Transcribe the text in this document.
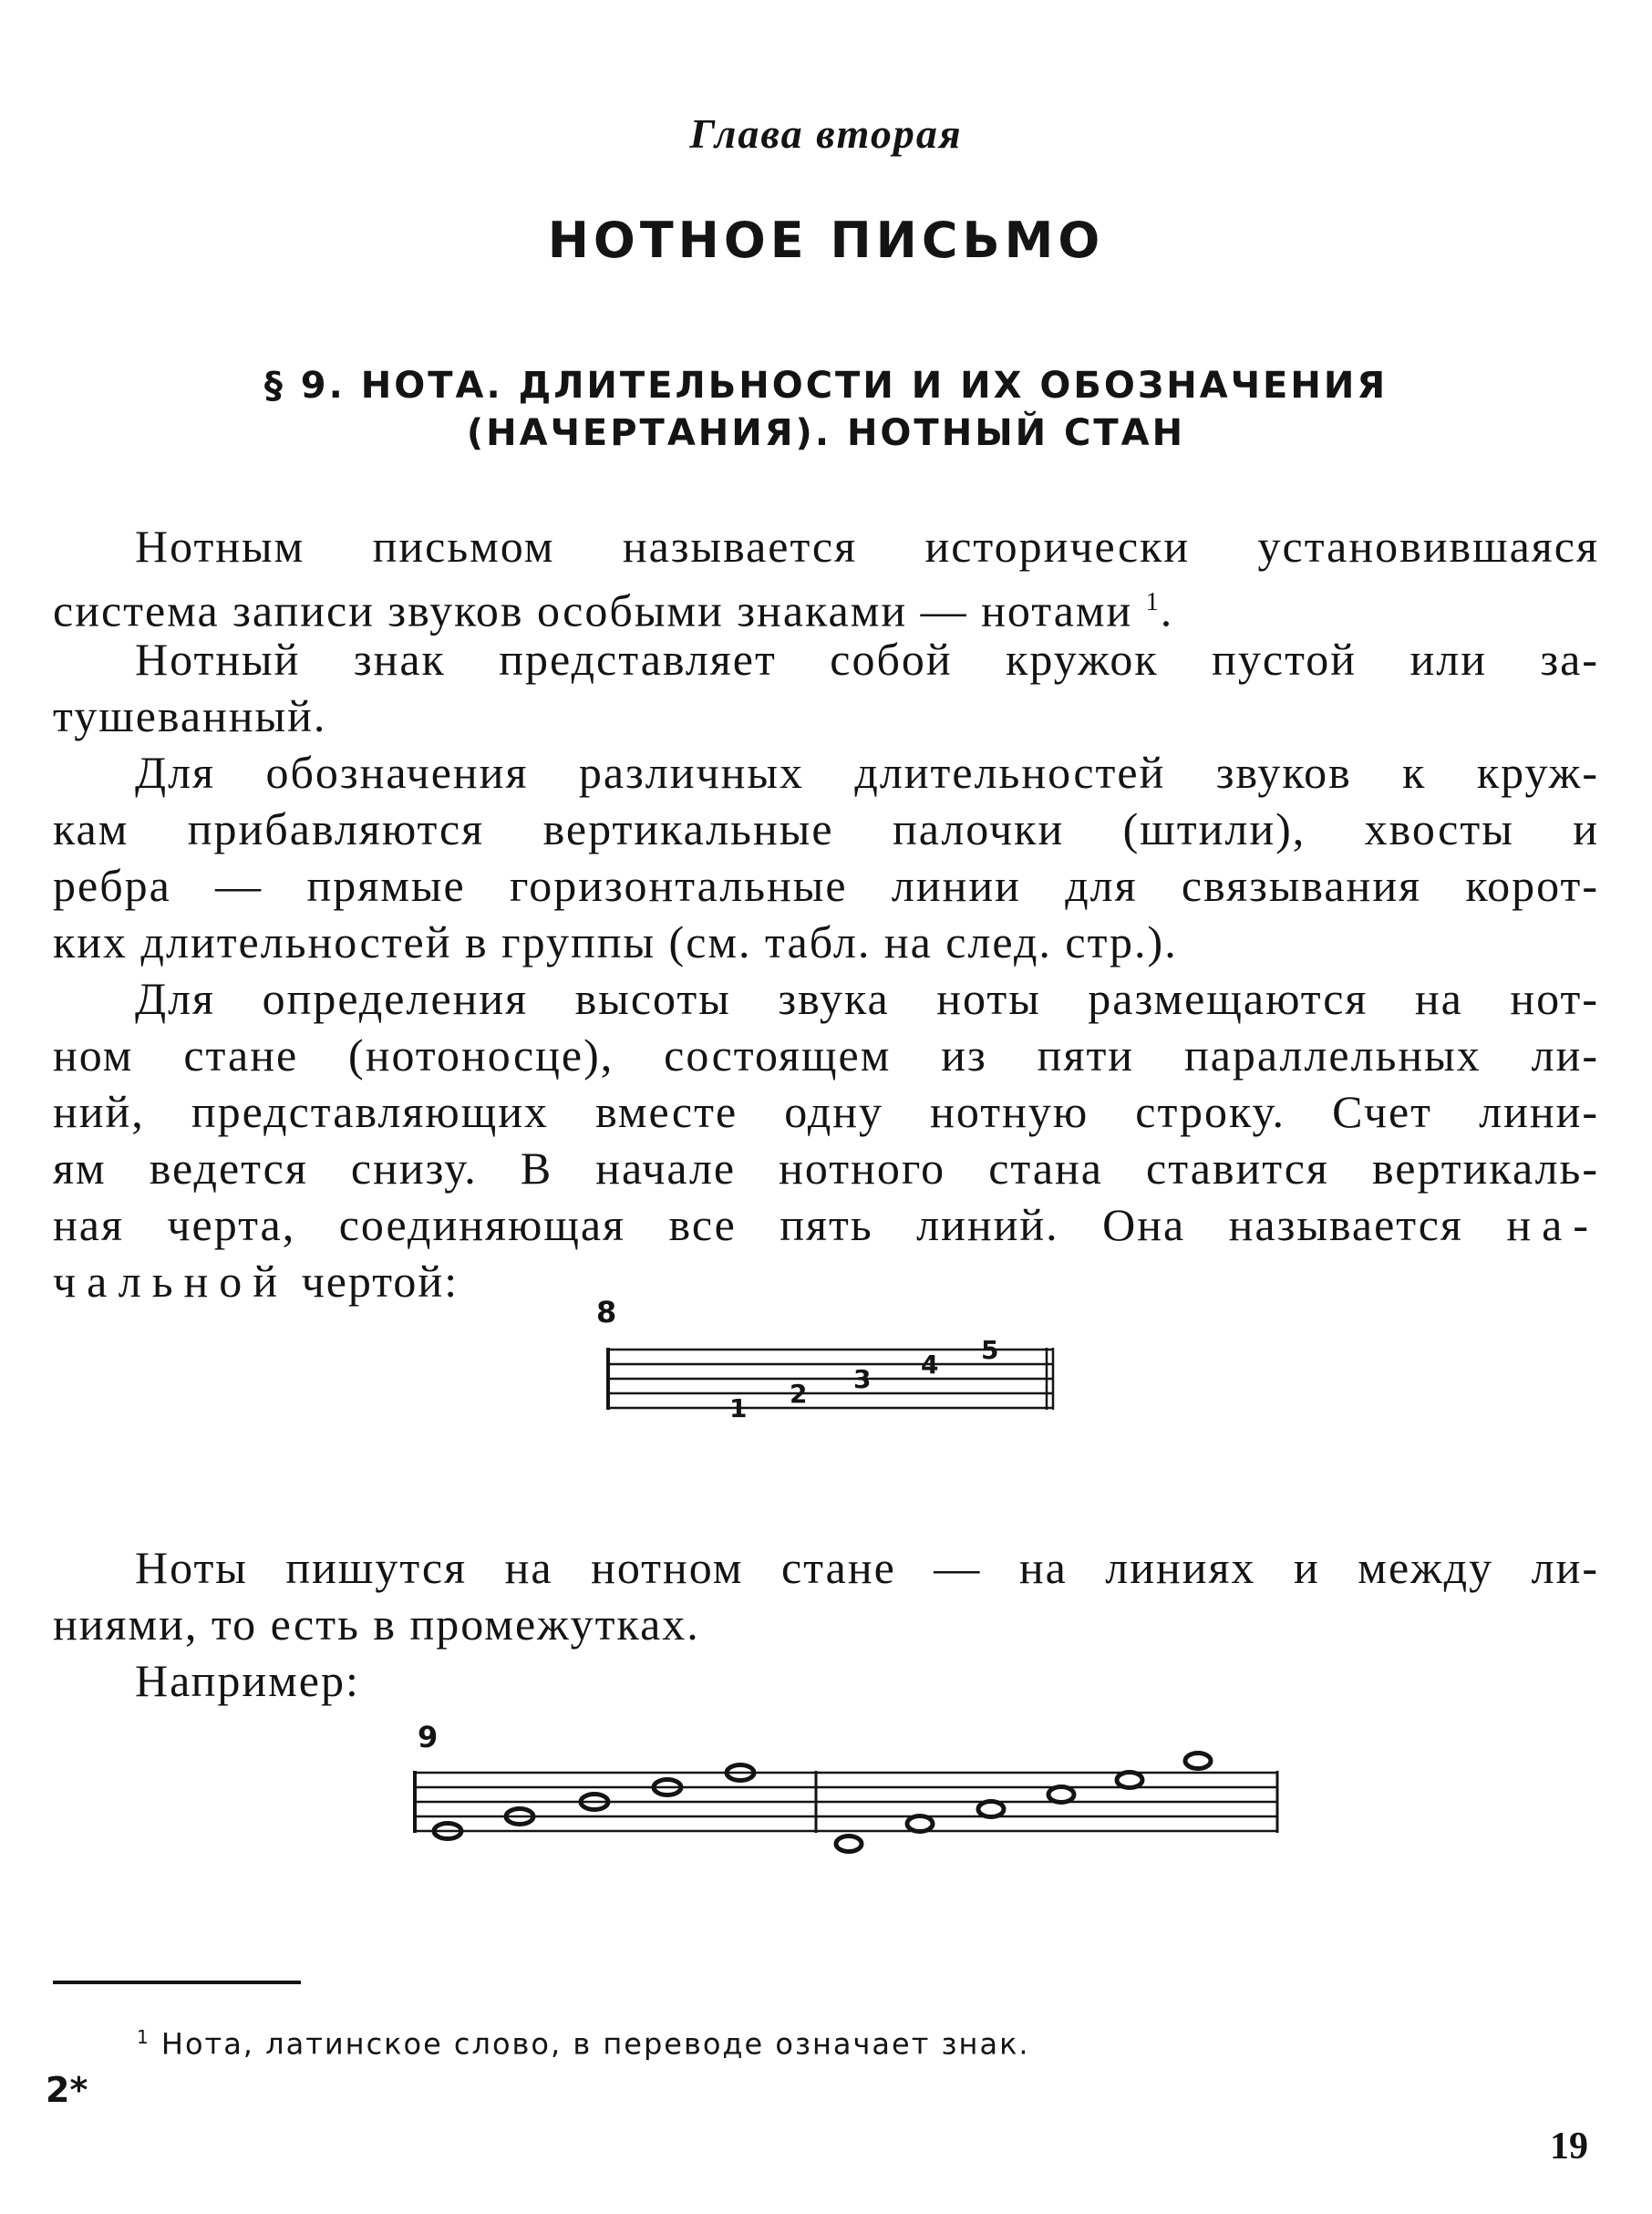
Глава вторая
НОТНОЕ ПИСЬМО
§ 9. НОТА. ДЛИТЕЛЬНОСТИ И ИХ ОБОЗНАЧЕНИЯ
(НАЧЕРТАНИЯ). НОТНЫЙ СТАН
Нотным письмом называется исторически установившаяся
система записи звуков особыми знаками — нотами $^1$.
Нотный знак представляет собой кружок пустой или за-
тушеванный.
Для обозначения различных длительностей звуков к круж-
кам прибавляются вертикальные палочки (штили), хвосты и
ребра — прямые горизонтальные линии для связывания корот-
ких длительностей в группы (см. табл. на след. стр.).
Для определения высоты звука ноты размещаются на нот-
ном стане (нотоносце), состоящем из пяти параллельных ли-
ний, представляющих вместе одну нотную строку. Счет лини-
ям ведется снизу. В начале нотного стана ставится вертикаль-
ная черта, соединяющая все пять линий. Она называется на-
чальной чертой:
8
1 2 3 4 5
Ноты пишутся на нотном стане — на линиях и между ли-
ниями, то есть в промежутках.
Например:
9
$^1$ Нота, латинское слово, в переводе означает знак.
2*
19
